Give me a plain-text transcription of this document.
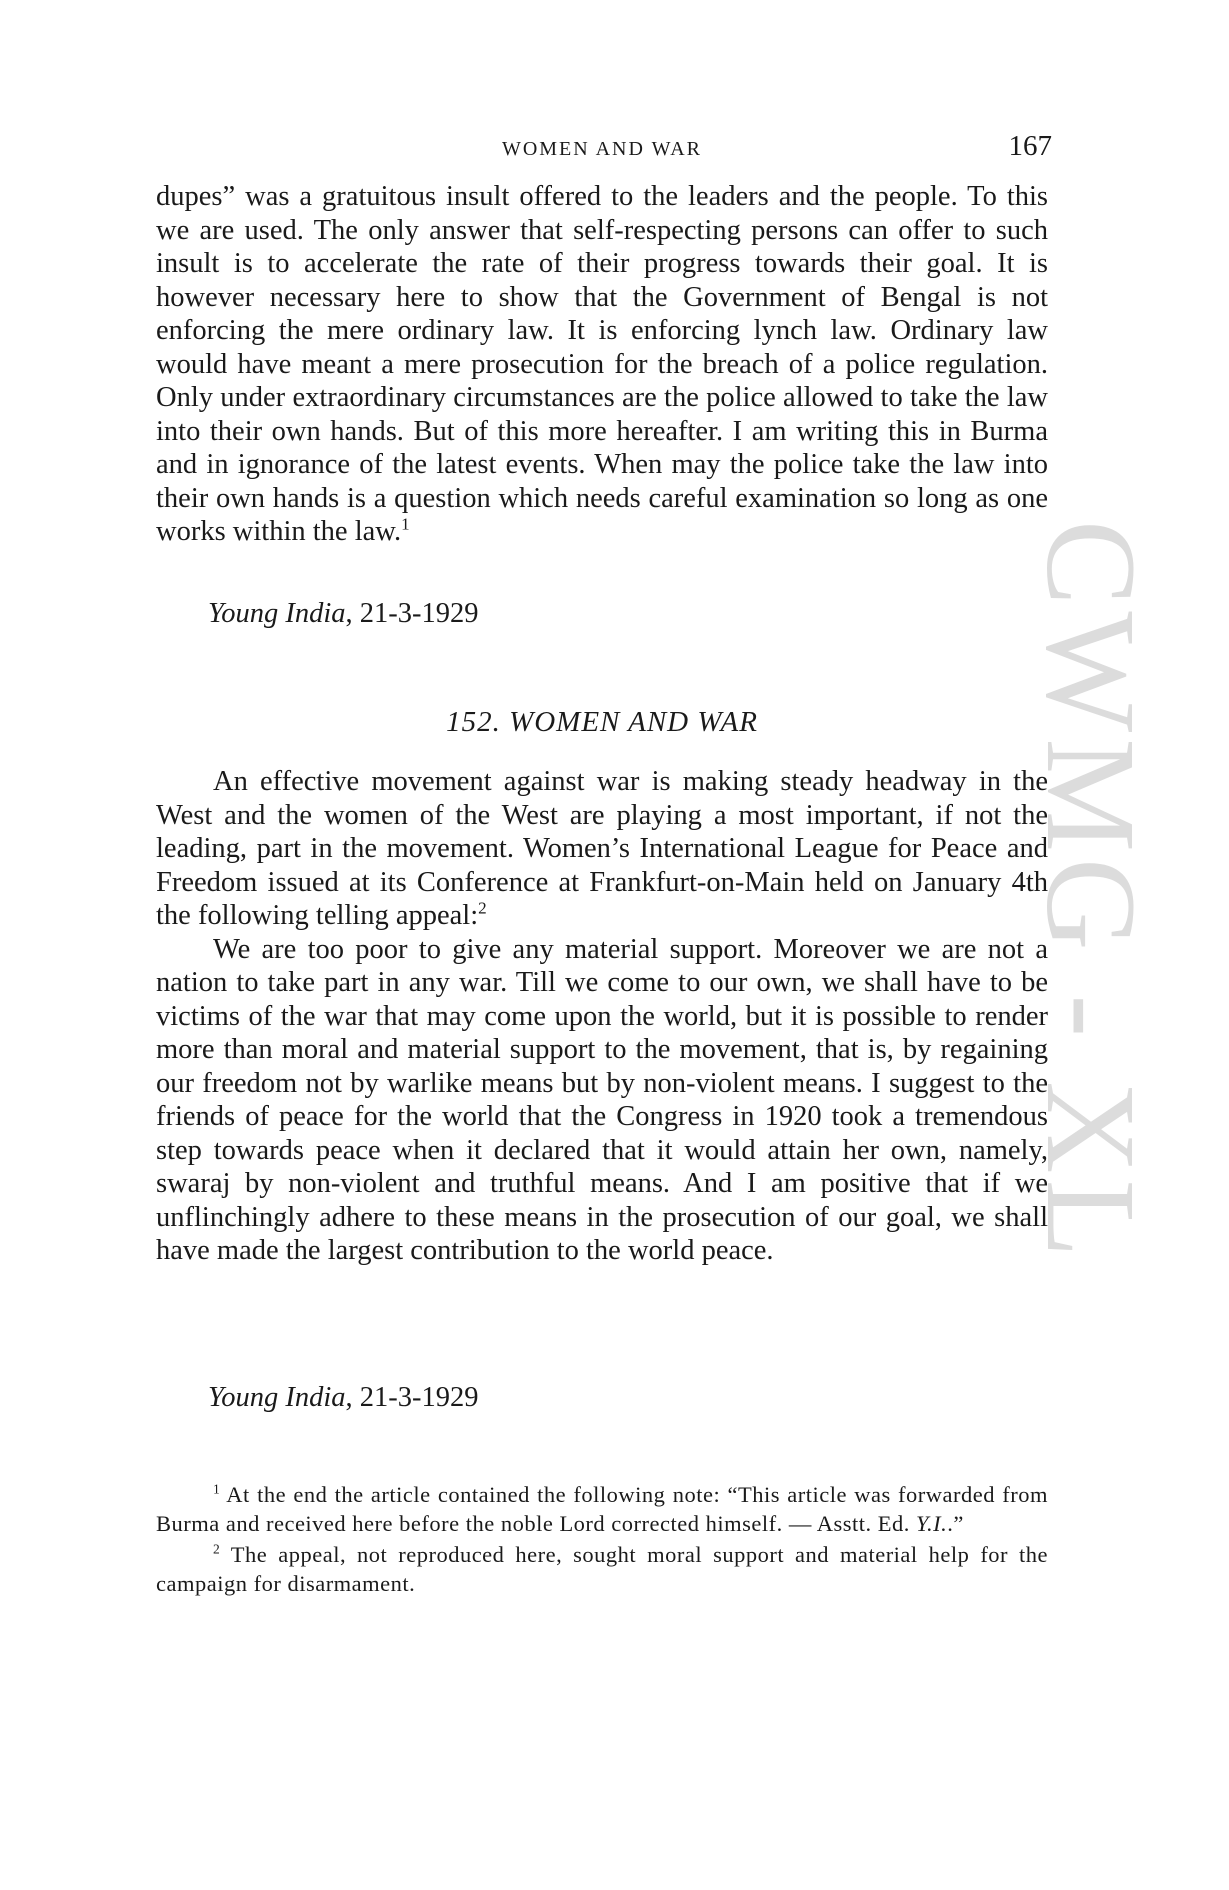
CWMG - XL
WOMEN AND WAR	167

dupes” was a gratuitous insult offered to the leaders and the people. To this we are used. The only answer that self-respecting persons can offer to such insult is to accelerate the rate of their progress towards their goal. It is however necessary here to show that the Government of Bengal is not enforcing the mere ordinary law. It is enforcing lynch law. Ordinary law would have meant a mere prosecution for the breach of a police regulation. Only under extraordinary circumstances are the police allowed to take the law into their own hands. But of this more hereafter. I am writing this in Burma and in ignorance of the latest events. When may the police take the law into their own hands is a question which needs careful examination so long as one works within the law.$^1$

Young India, 21-3-1929
152. WOMEN AND WAR

An effective movement against war is making steady headway in the West and the women of the West are playing a most important, if not the leading, part in the movement. Women’s International League for Peace and Freedom issued at its Conference at Frankfurt-on-Main held on January 4th the following telling appeal:$^2$

We are too poor to give any material support. Moreover we are not a nation to take part in any war. Till we come to our own, we shall have to be victims of the war that may come upon the world, but it is possible to render more than moral and material support to the movement, that is, by regaining our freedom not by warlike means but by non-violent means. I suggest to the friends of peace for the world that the Congress in 1920 took a tremendous step towards peace when it declared that it would attain her own, namely, swaraj by non-violent and truthful means. And I am positive that if we unflinchingly adhere to these means in the prosecution of our goal, we shall have made the largest contribution to the world peace.

Young India, 21-3-1929

$^1$ At the end the article contained the following note: “This article was forwarded from Burma and received here before the noble Lord corrected himself. — Asstt. Ed. Y.I..”

$^2$ The appeal, not reproduced here, sought moral support and material help for the campaign for disarmament.
